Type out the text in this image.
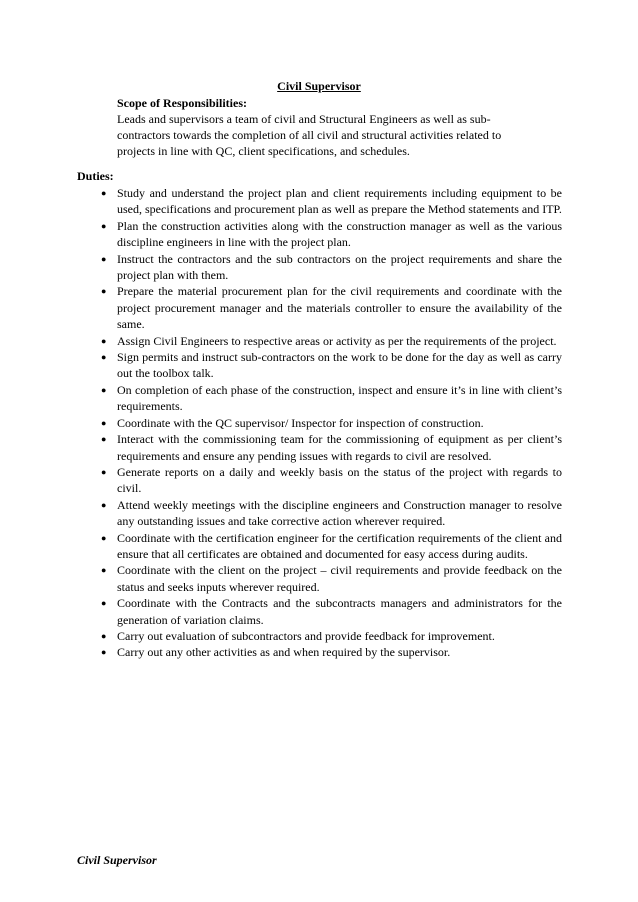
Civil Supervisor
Scope of Responsibilities:
Leads and supervisors a team of civil and Structural Engineers as well as sub-contractors towards the completion of all civil and structural activities related to projects in line with QC, client specifications, and schedules.
Duties:
● Study and understand the project plan and client requirements including equipment to be used, specifications and procurement plan as well as prepare the Method statements and ITP.
● Plan the construction activities along with the construction manager as well as the various discipline engineers in line with the project plan.
● Instruct the contractors and the sub contractors on the project requirements and share the project plan with them.
● Prepare the material procurement plan for the civil requirements and coordinate with the project procurement manager and the materials controller to ensure the availability of the same.
● Assign Civil Engineers to respective areas or activity as per the requirements of the project.
● Sign permits and instruct sub-contractors on the work to be done for the day as well as carry out the toolbox talk.
● On completion of each phase of the construction, inspect and ensure it’s in line with client’s requirements.
● Coordinate with the QC supervisor/ Inspector for inspection of construction.
● Interact with the commissioning team for the commissioning of equipment as per client’s requirements and ensure any pending issues with regards to civil are resolved.
● Generate reports on a daily and weekly basis on the status of the project with regards to civil.
● Attend weekly meetings with the discipline engineers and Construction manager to resolve any outstanding issues and take corrective action wherever required.
● Coordinate with the certification engineer for the certification requirements of the client and ensure that all certificates are obtained and documented for easy access during audits.
● Coordinate with the client on the project – civil requirements and provide feedback on the status and seeks inputs wherever required.
● Coordinate with the Contracts and the subcontracts managers and administrators for the generation of variation claims.
● Carry out evaluation of subcontractors and provide feedback for improvement.
● Carry out any other activities as and when required by the supervisor.
Civil Supervisor
